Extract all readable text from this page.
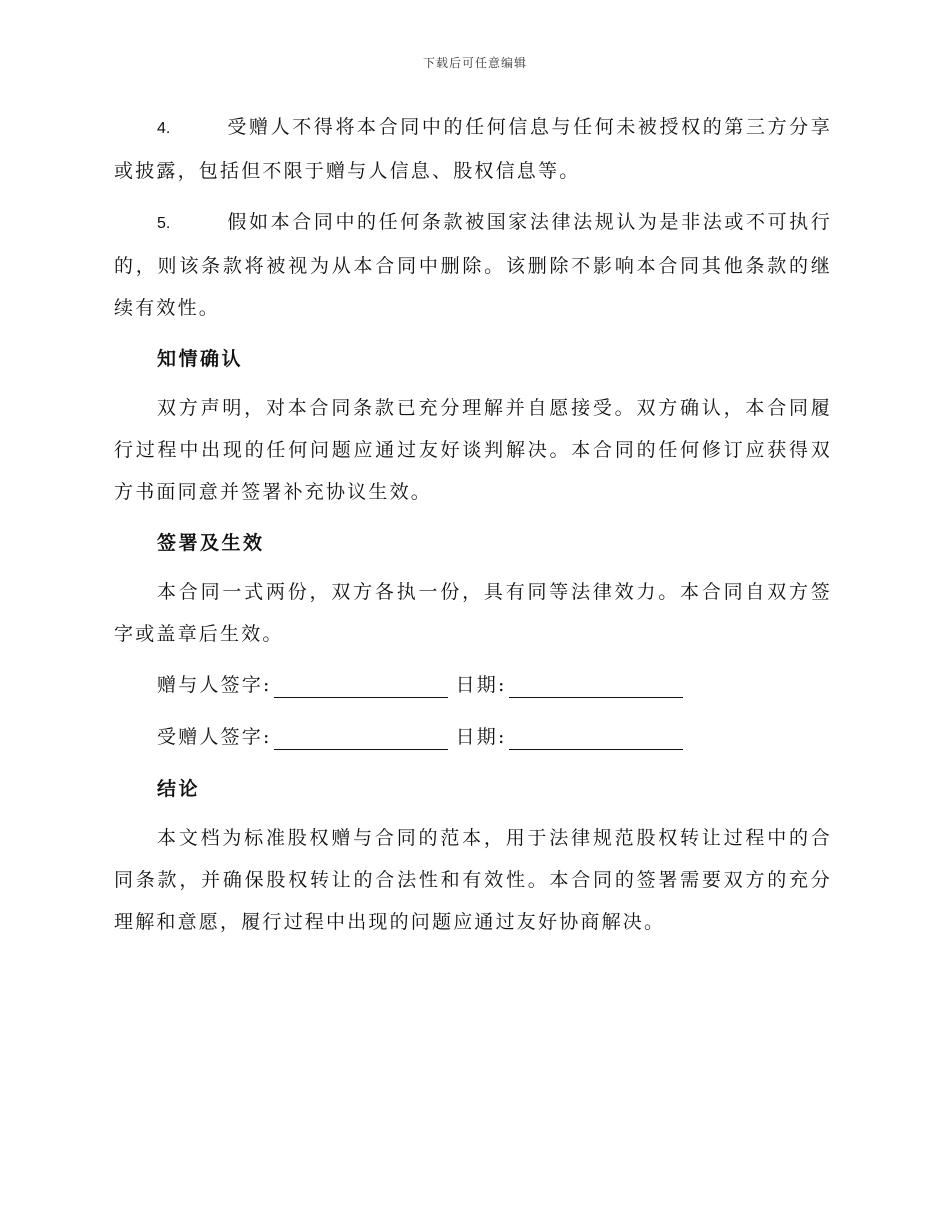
下载后可任意编辑

4.	受赠人不得将本合同中的任何信息与任何未被授权的第三方分享或披露，包括但不限于赠与人信息、股权信息等。

5.	假如本合同中的任何条款被国家法律法规认为是非法或不可执行的，则该条款将被视为从本合同中删除。该删除不影响本合同其他条款的继续有效性。

知情确认

双方声明，对本合同条款已充分理解并自愿接受。双方确认，本合同履行过程中出现的任何问题应通过友好谈判解决。本合同的任何修订应获得双方书面同意并签署补充协议生效。

签署及生效

本合同一式两份，双方各执一份，具有同等法律效力。本合同自双方签字或盖章后生效。

赠与人签字:	日期:
受赠人签字:	日期:
结论

本文档为标准股权赠与合同的范本，用于法律规范股权转让过程中的合同条款，并确保股权转让的合法性和有效性。本合同的签署需要双方的充分理解和意愿，履行过程中出现的问题应通过友好协商解决。
